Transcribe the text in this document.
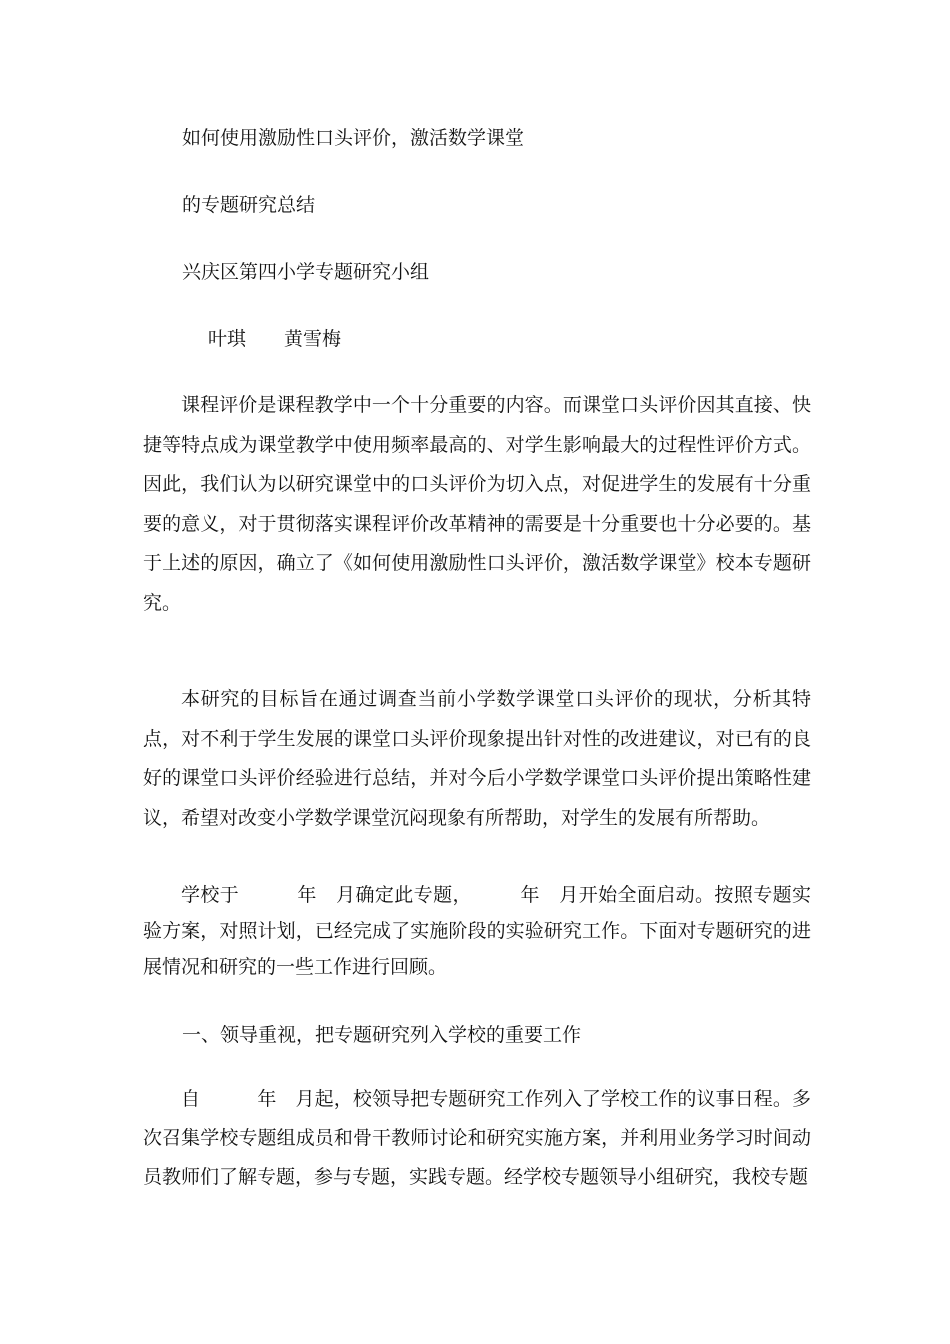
如何使用激励性口头评价，激活数学课堂
的专题研究总结
兴庆区第四小学专题研究小组
叶琪　　黄雪梅

课程评价是课程教学中一个十分重要的内容。而课堂口头评价因其直接、快捷等特点成为课堂教学中使用频率最高的、对学生影响最大的过程性评价方式。因此，我们认为以研究课堂中的口头评价为切入点，对促进学生的发展有十分重要的意义，对于贯彻落实课程评价改革精神的需要是十分重要也十分必要的。基于上述的原因，确立了《如何使用激励性口头评价，激活数学课堂》校本专题研究。

本研究的目标旨在通过调查当前小学数学课堂口头评价的现状，分析其特点，对不利于学生发展的课堂口头评价现象提出针对性的改进建议，对已有的良好的课堂口头评价经验进行总结，并对今后小学数学课堂口头评价提出策略性建议，希望对改变小学数学课堂沉闷现象有所帮助，对学生的发展有所帮助。

学校于　　　年　月确定此专题，　　　年　月开始全面启动。按照专题实验方案，对照计划，已经完成了实施阶段的实验研究工作。下面对专题研究的进展情况和研究的一些工作进行回顾。

一、领导重视，把专题研究列入学校的重要工作

自　　　年　月起，校领导把专题研究工作列入了学校工作的议事日程。多次召集学校专题组成员和骨干教师讨论和研究实施方案，并利用业务学习时间动员教师们了解专题，参与专题，实践专题。经学校专题领导小组研究，我校专题
